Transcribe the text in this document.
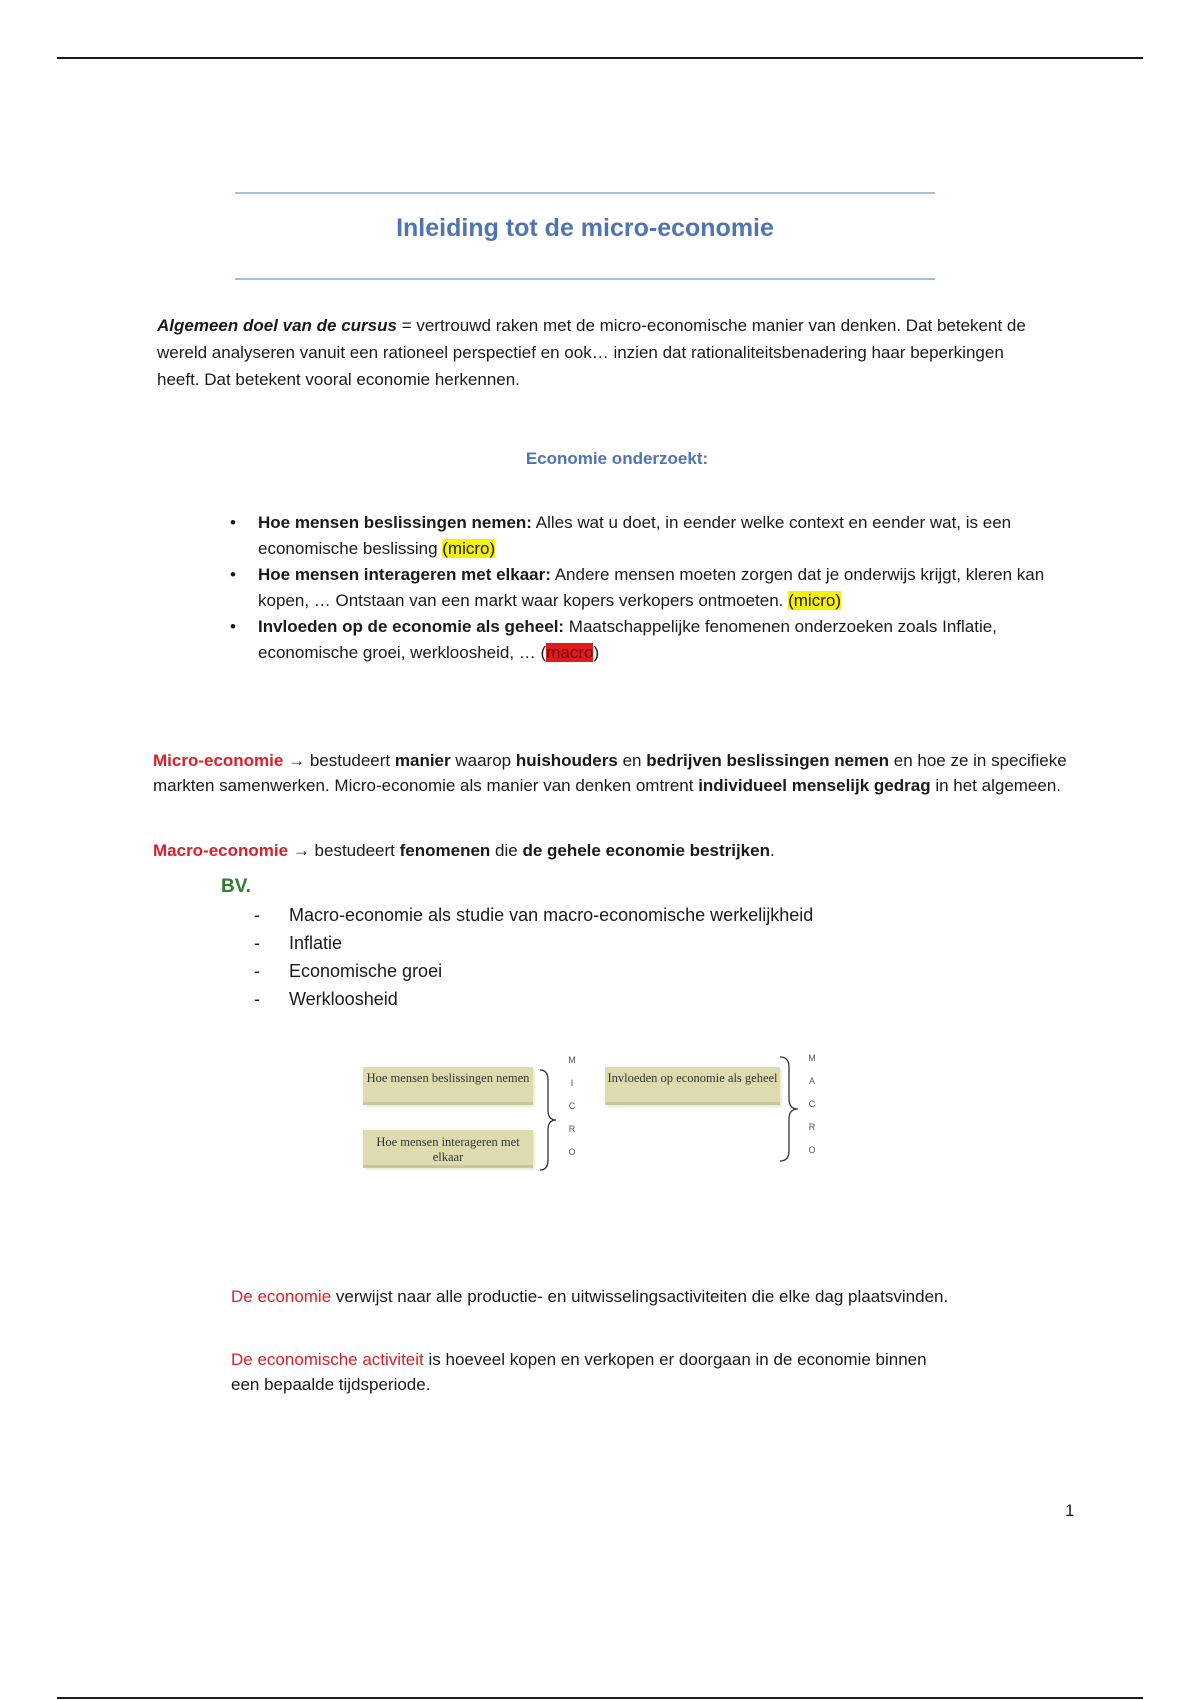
Inleiding tot de micro-economie
Algemeen doel van de cursus = vertrouwd raken met de micro-economische manier van denken. Dat betekent de wereld analyseren vanuit een rationeel perspectief en ook… inzien dat rationaliteitsbenadering haar beperkingen heeft. Dat betekent vooral economie herkennen.
Economie onderzoekt:
• Hoe mensen beslissingen nemen: Alles wat u doet, in eender welke context en eender wat, is een economische beslissing (micro)
• Hoe mensen interageren met elkaar: Andere mensen moeten zorgen dat je onderwijs krijgt, kleren kan kopen, … Ontstaan van een markt waar kopers verkopers ontmoeten. (micro)
• Invloeden op de economie als geheel: Maatschappelijke fenomenen onderzoeken zoals Inflatie, economische groei, werkloosheid, … (macro)
Micro-economie → bestudeert manier waarop huishouders en bedrijven beslissingen nemen en hoe ze in specifieke markten samenwerken. Micro-economie als manier van denken omtrent individueel menselijk gedrag in het algemeen.
Macro-economie → bestudeert fenomenen die de gehele economie bestrijken.
BV.
- Macro-economie als studie van macro-economische werkelijkheid
- Inflatie
- Economische groei
- Werkloosheid
Hoe mensen beslissingen nemen
Hoe mensen interageren met elkaar
Invloeden op economie als geheel
M
I
C
R
O
M
A
C
R
O
De economie verwijst naar alle productie- en uitwisselingsactiviteiten die elke dag plaatsvinden.
De economische activiteit is hoeveel kopen en verkopen er doorgaan in de economie binnen een bepaalde tijdsperiode.
1
